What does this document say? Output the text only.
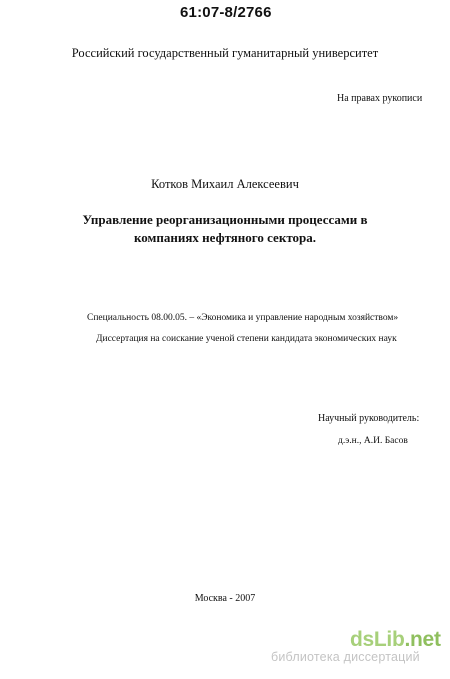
61:07-8/2766
Российский государственный гуманитарный университет
На правах рукописи
Котков Михаил Алексеевич
Управление реорганизационными процессами в
компаниях нефтяного сектора.
Специальность 08.00.05. – «Экономика и управление народным хозяйством»
Диссертация на соискание ученой степени кандидата экономических наук
Научный руководитель:
д.э.н., А.И. Басов
Москва - 2007
dsLib.net
библиотека диссертаций
